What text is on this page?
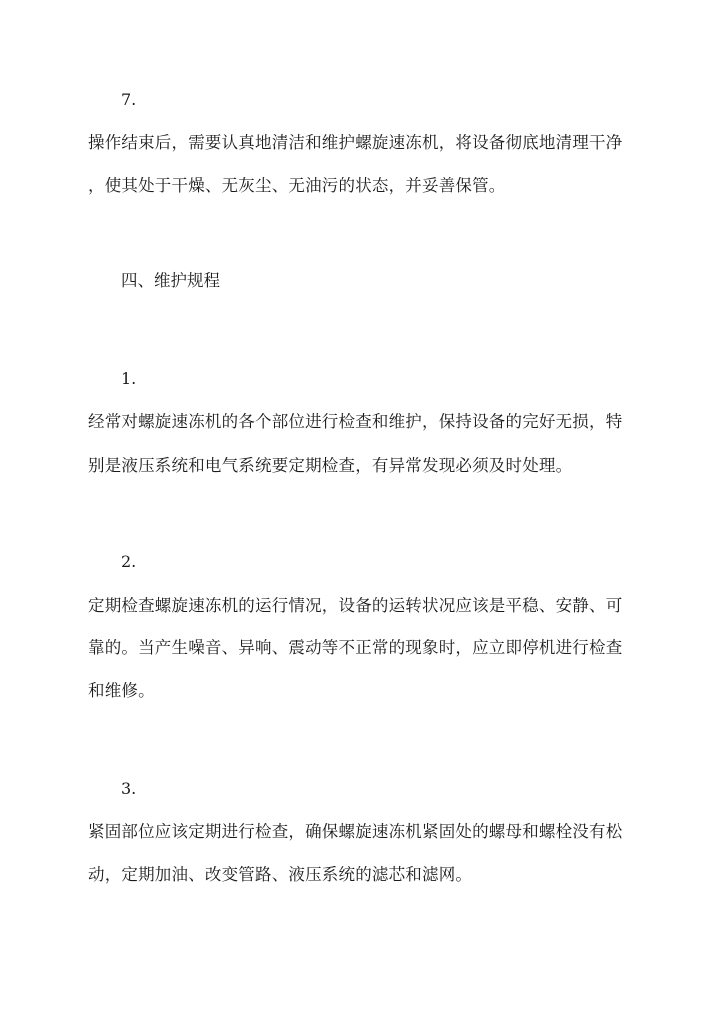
7.
操作结束后，需要认真地清洁和维护螺旋速冻机，将设备彻底地清理干净
，使其处于干燥、无灰尘、无油污的状态，并妥善保管。
四、维护规程
1.
经常对螺旋速冻机的各个部位进行检查和维护，保持设备的完好无损，特
别是液压系统和电气系统要定期检查，有异常发现必须及时处理。
2.
定期检查螺旋速冻机的运行情况，设备的运转状况应该是平稳、安静、可
靠的。当产生噪音、异响、震动等不正常的现象时，应立即停机进行检查
和维修。
3.
紧固部位应该定期进行检查，确保螺旋速冻机紧固处的螺母和螺栓没有松
动，定期加油、改变管路、液压系统的滤芯和滤网。
